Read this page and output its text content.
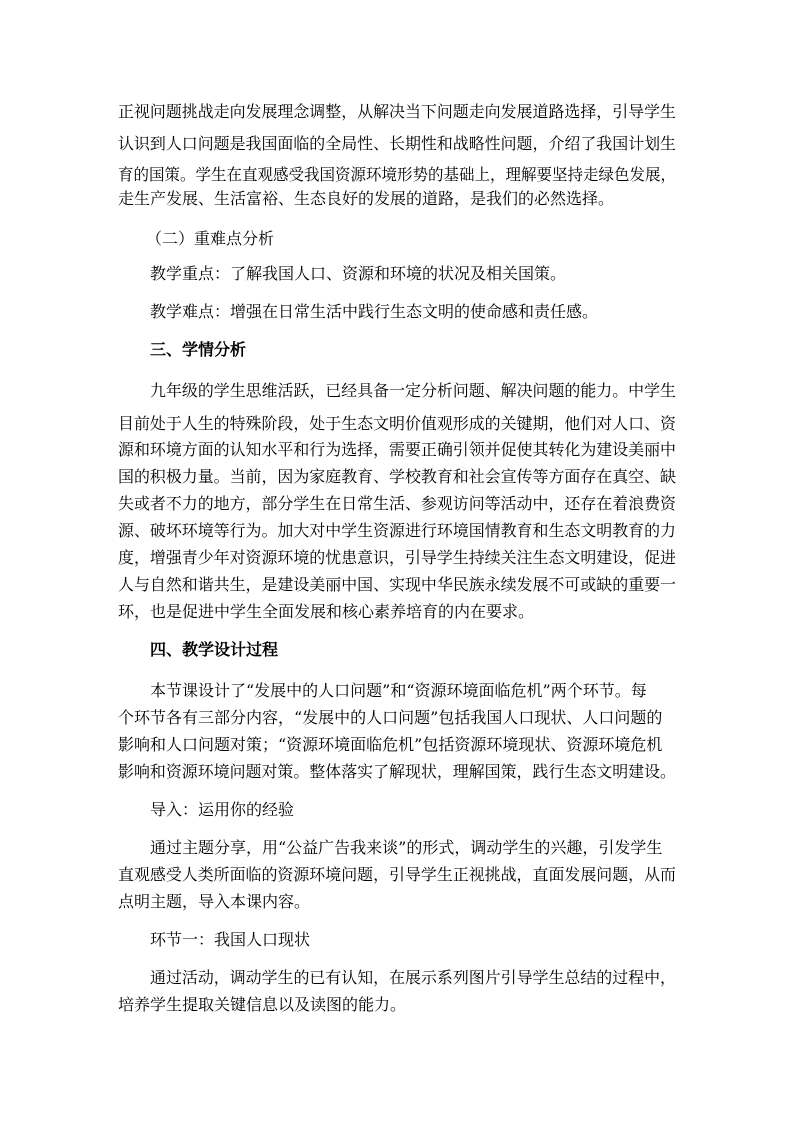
正视问题挑战走向发展理念调整，从解决当下问题走向发展道路选择，引导学生
认识到人口问题是我国面临的全局性、长期性和战略性问题，介绍了我国计划生
育的国策。学生在直观感受我国资源环境形势的基础上，理解要坚持走绿色发展，
走生产发展、生活富裕、生态良好的发展的道路，是我们的必然选择。
（二）重难点分析
教学重点：了解我国人口、资源和环境的状况及相关国策。
教学难点：增强在日常生活中践行生态文明的使命感和责任感。
三、学情分析
九年级的学生思维活跃，已经具备一定分析问题、解决问题的能力。中学生
目前处于人生的特殊阶段，处于生态文明价值观形成的关键期，他们对人口、资
源和环境方面的认知水平和行为选择，需要正确引领并促使其转化为建设美丽中
国的积极力量。当前，因为家庭教育、学校教育和社会宣传等方面存在真空、缺
失或者不力的地方，部分学生在日常生活、参观访问等活动中，还存在着浪费资
源、破坏环境等行为。加大对中学生资源进行环境国情教育和生态文明教育的力
度，增强青少年对资源环境的忧患意识，引导学生持续关注生态文明建设，促进
人与自然和谐共生，是建设美丽中国、实现中华民族永续发展不可或缺的重要一
环，也是促进中学生全面发展和核心素养培育的内在要求。
四、教学设计过程
本节课设计了“发展中的人口问题”和“资源环境面临危机”两个环节。每
个环节各有三部分内容，“发展中的人口问题”包括我国人口现状、人口问题的
影响和人口问题对策；“资源环境面临危机”包括资源环境现状、资源环境危机
影响和资源环境问题对策。整体落实了解现状，理解国策，践行生态文明建设。
导入：运用你的经验
通过主题分享，用“公益广告我来谈”的形式，调动学生的兴趣，引发学生
直观感受人类所面临的资源环境问题，引导学生正视挑战，直面发展问题，从而
点明主题，导入本课内容。
环节一：我国人口现状
通过活动，调动学生的已有认知，在展示系列图片引导学生总结的过程中，
培养学生提取关键信息以及读图的能力。
